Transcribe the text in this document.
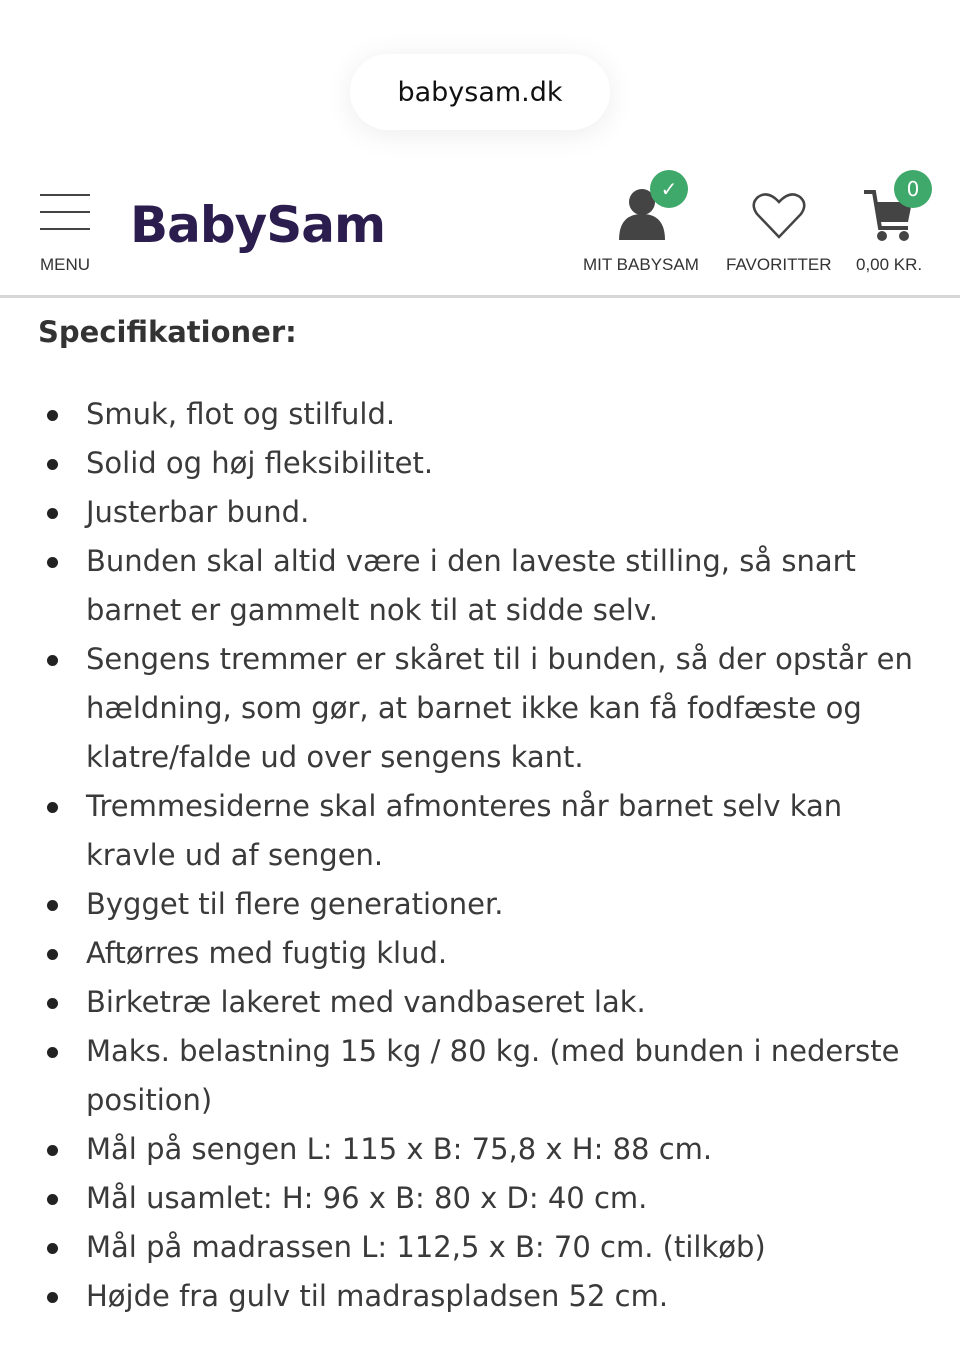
babysam.dk
MENU
BabySam
✓
MIT BABYSAM FAVORITTER
0
0,00 KR.
Specifikationer:
Smuk, flot og stilfuld.
Solid og høj fleksibilitet.
Justerbar bund.
Bunden skal altid være i den laveste stilling, så snart
barnet er gammelt nok til at sidde selv.
Sengens tremmer er skåret til i bunden, så der opstår en
hældning, som gør, at barnet ikke kan få fodfæste og
klatre/falde ud over sengens kant.
Tremmesiderne skal afmonteres når barnet selv kan
kravle ud af sengen.
Bygget til flere generationer.
Aftørres med fugtig klud.
Birketræ lakeret med vandbaseret lak.
Maks. belastning 15 kg / 80 kg. (med bunden i nederste
position)
Mål på sengen L: 115 x B: 75,8 x H: 88 cm.
Mål usamlet: H: 96 x B: 80 x D: 40 cm.
Mål på madrassen L: 112,5 x B: 70 cm. (tilkøb)
Højde fra gulv til madraspladsen 52 cm.
